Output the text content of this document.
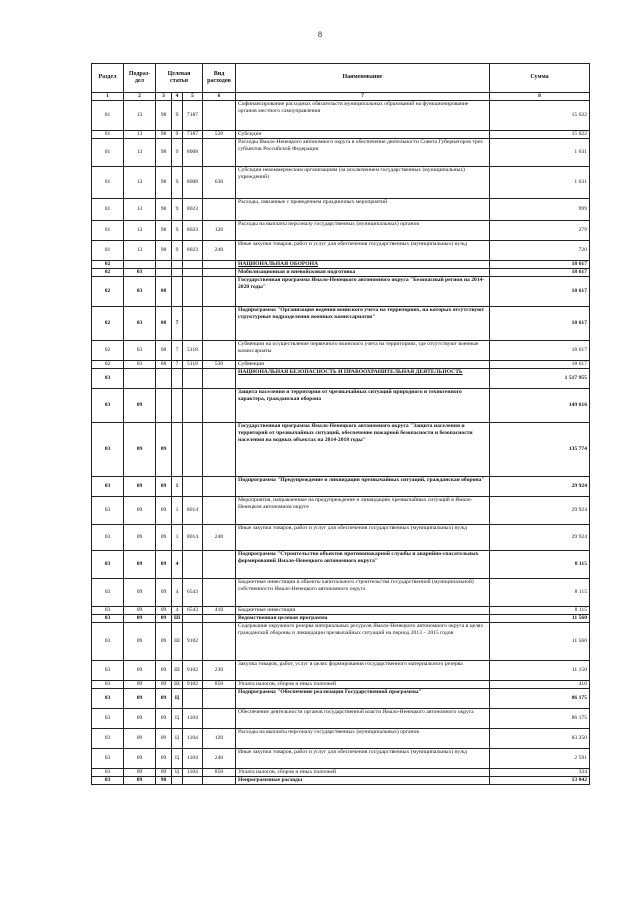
8
Раздел	Подраз-дел	Целевая статья			Вид расходов	Наименование	Сумма
1	2	3	4	5	6	7	8
01	13	98	9	7187		Софинансирование расходных обязательств муниципальных образований на функционирование органов местного самоуправления	15 022
01	13	98	9	7187	520	Субсидии	15 022
01	13	98	9	8008		Расходы Ямало-Ненецкого автономного округа в обеспечение деятельности Совета Губернаторов трех субъектов Российской Федерации	1 631
01	13	98	9	8008	630	Субсидии некоммерческим организациям (за исключением государственных (муниципальных) учреждений)	1 631
01	13	98	9	8023		Расходы, связанные с проведением праздничных мероприятий	999
01	13	98	9	8023	120	Расходы на выплаты персоналу государственных (муниципальных) органов	279
01	13	98	9	8023	240	Иные закупки товаров, работ и услуг для обеспечения государственных (муниципальных) нужд	720
02						НАЦИОНАЛЬНАЯ ОБОРОНА	18 617
02	03					Мобилизационная и вневойсковая подготовка	18 617
02	03	08				Государственная программа Ямало-Ненецкого автономного округа "Безопасный регион на 2014-2020 годы"	18 617
02	03	08	7			Подпрограмма "Организация ведения воинского учета на территориях, на которых отсутствуют структурные подразделения военных комиссариатов"	18 617
02	03	08	7	5118		Субвенции на осуществление первичного воинского учета на территориях, где отсутствуют военные комиссариаты	18 617
02	03	08	7	5118	530	Субвенции	18 617
03						НАЦИОНАЛЬНАЯ БЕЗОПАСНОСТЬ И ПРАВООХРАНИТЕЛЬНАЯ ДЕЯТЕЛЬНОСТЬ	1 517 955
03	09					Защита населения и территории от чрезвычайных ситуаций природного и техногенного характера, гражданская оборона	149 616
03	09	09				Государственная программа Ямало-Ненецкого автономного округа "Защита населения и территорий от чрезвычайных ситуаций, обеспечение пожарной безопасности и безопасности населения на водных объектах на 2014-2018 годы"	135 774
03	09	09	1			Подпрограмма "Предупреждение и ликвидация чрезвычайных ситуаций, гражданская оборона"	29 924
03	09	09	1	8014		Мероприятия, направленные на предупреждение и ликвидацию чрезвычайных ситуаций в Ямало-Ненецком автономном округе	29 924
03	09	09	1	8014	240	Иные закупки товаров, работ и услуг для обеспечения государственных (муниципальных) нужд	29 924
03	09	09	4			Подпрограмма "Строительство объектов противопожарной службы и аварийно-спасательных формирований Ямало-Ненецкого автономного округа"	8 115
03	09	09	4	6543		Бюджетные инвестиции в объекты капитального строительства государственной (муниципальной) собственности Ямало-Ненецкого автономного округа	8 115
03	09	09	4	6543	410	Бюджетные инвестиции	8 115
03	09	09	Ш			Ведомственная целевая программа	11 560
03	09	09	Ш	9102		Содержание окружного резерва материальных ресурсов Ямало-Ненецкого автономного округа в целях гражданской обороны и ликвидации чрезвычайных ситуаций на период 2013 – 2015 годов	11 560
03	09	09	Ш	9102	230	Закупка товаров, работ, услуг в целях формирования государственного материального резерва	11 150
03	09	09	Ш	9102	850	Уплата налогов, сборов и иных платежей	410
03	09	09	Ц			Подпрограмма "Обеспечение реализации Государственной программы"	86 175
03	09	09	Ц	1104		Обеспечение деятельности органов государственной власти Ямало-Ненецкого автономного округа	86 175
03	09	09	Ц	1104	120	Расходы на выплаты персоналу государственных (муниципальных) органов	83 250
03	09	09	Ц	1104	240	Иные закупки товаров, работ и услуг для обеспечения государственных (муниципальных) нужд	2 591
03	09	09	Ц	1104	850	Уплата налогов, сборов и иных платежей	334
03	09	98				Непрограммные расходы	13 842
